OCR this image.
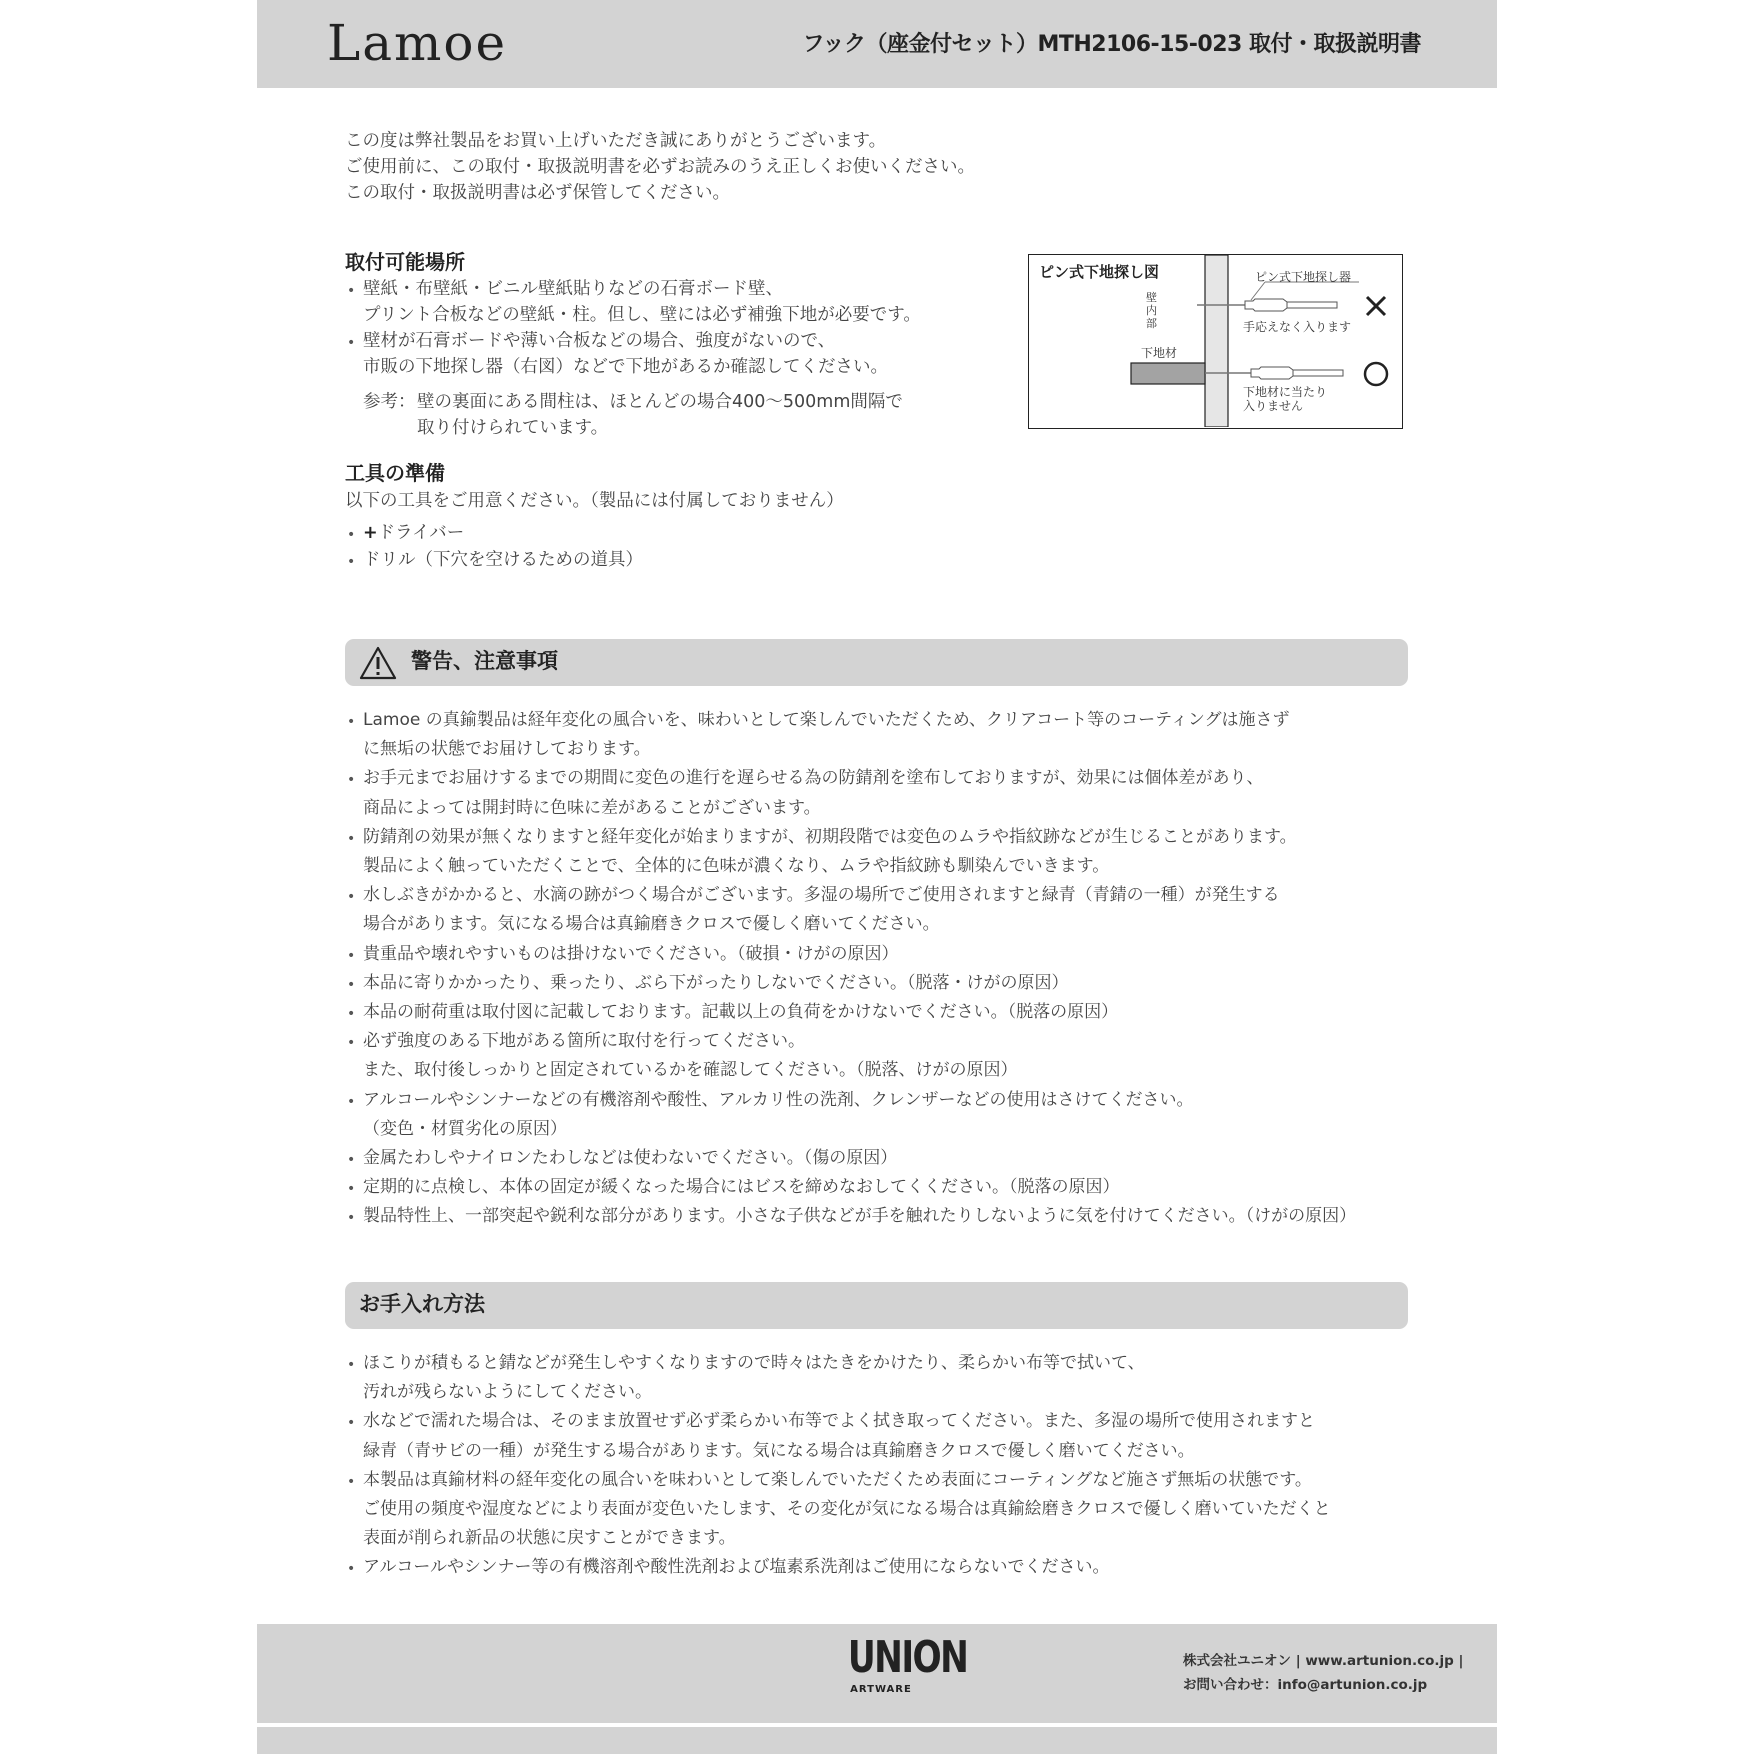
Lamoe	フック（座金付セット）MTH2106-15-023 取付・取扱説明書
この度は弊社製品をお買い上げいただき誠にありがとうございます。
ご使用前に、この取付・取扱説明書を必ずお読みのうえ正しくお使いください。
この取付・取扱説明書は必ず保管してください。
取付可能場所
• 壁紙・布壁紙・ビニル壁紙貼りなどの石膏ボード壁、
プリント合板などの壁紙・柱。但し、壁には必ず補強下地が必要です。
• 壁材が石膏ボードや薄い合板などの場合、強度がないので、
市販の下地探し器（右図）などで下地があるか確認してください。
参考： 壁の裏面にある間柱は、ほとんどの場合400～500mm間隔で
取り付けられています。
ピン式下地探し図
壁内部
下地材
ピン式下地探し器
手応えなく入ります
下地材に当たり
入りません
工具の準備
以下の工具をご用意ください。（製品には付属しておりません）
• +ドライバー
• ドリル（下穴を空けるための道具）
警告、注意事項
• Lamoe の真鍮製品は経年変化の風合いを、味わいとして楽しんでいただくため、クリアコート等のコーティングは施さず
に無垢の状態でお届けしております。
• お手元までお届けするまでの期間に変色の進行を遅らせる為の防錆剤を塗布しておりますが、効果には個体差があり、
商品によっては開封時に色味に差があることがございます。
• 防錆剤の効果が無くなりますと経年変化が始まりますが、初期段階では変色のムラや指紋跡などが生じることがあります。
製品によく触っていただくことで、全体的に色味が濃くなり、ムラや指紋跡も馴染んでいきます。
• 水しぶきがかかると、水滴の跡がつく場合がございます。多湿の場所でご使用されますと緑青（青錆の一種）が発生する
場合があります。気になる場合は真鍮磨きクロスで優しく磨いてください。
• 貴重品や壊れやすいものは掛けないでください。（破損・けがの原因）
• 本品に寄りかかったり、乗ったり、ぶら下がったりしないでください。（脱落・けがの原因）
• 本品の耐荷重は取付図に記載しております。記載以上の負荷をかけないでください。（脱落の原因）
• 必ず強度のある下地がある箇所に取付を行ってください。
また、取付後しっかりと固定されているかを確認してください。（脱落、けがの原因）
• アルコールやシンナーなどの有機溶剤や酸性、アルカリ性の洗剤、クレンザーなどの使用はさけてください。
（変色・材質劣化の原因）
• 金属たわしやナイロンたわしなどは使わないでください。（傷の原因）
• 定期的に点検し、本体の固定が緩くなった場合にはビスを締めなおしてくください。（脱落の原因）
• 製品特性上、一部突起や鋭利な部分があります。小さな子供などが手を触れたりしないように気を付けてください。（けがの原因）
お手入れ方法
• ほこりが積もると錆などが発生しやすくなりますので時々はたきをかけたり、柔らかい布等で拭いて、
汚れが残らないようにしてください。
• 水などで濡れた場合は、そのまま放置せず必ず柔らかい布等でよく拭き取ってください。また、多湿の場所で使用されますと
緑青（青サビの一種）が発生する場合があります。気になる場合は真鍮磨きクロスで優しく磨いてください。
• 本製品は真鍮材料の経年変化の風合いを味わいとして楽しんでいただくため表面にコーティングなど施さず無垢の状態です。
ご使用の頻度や湿度などにより表面が変色いたします、その変化が気になる場合は真鍮絵磨きクロスで優しく磨いていただくと
表面が削られ新品の状態に戻すことができます。
• アルコールやシンナー等の有機溶剤や酸性洗剤および塩素系洗剤はご使用にならないでください。
UNION
ARTWARE
株式会社ユニオン | www.artunion.co.jp |
お問い合わせ：info@artunion.co.jp
